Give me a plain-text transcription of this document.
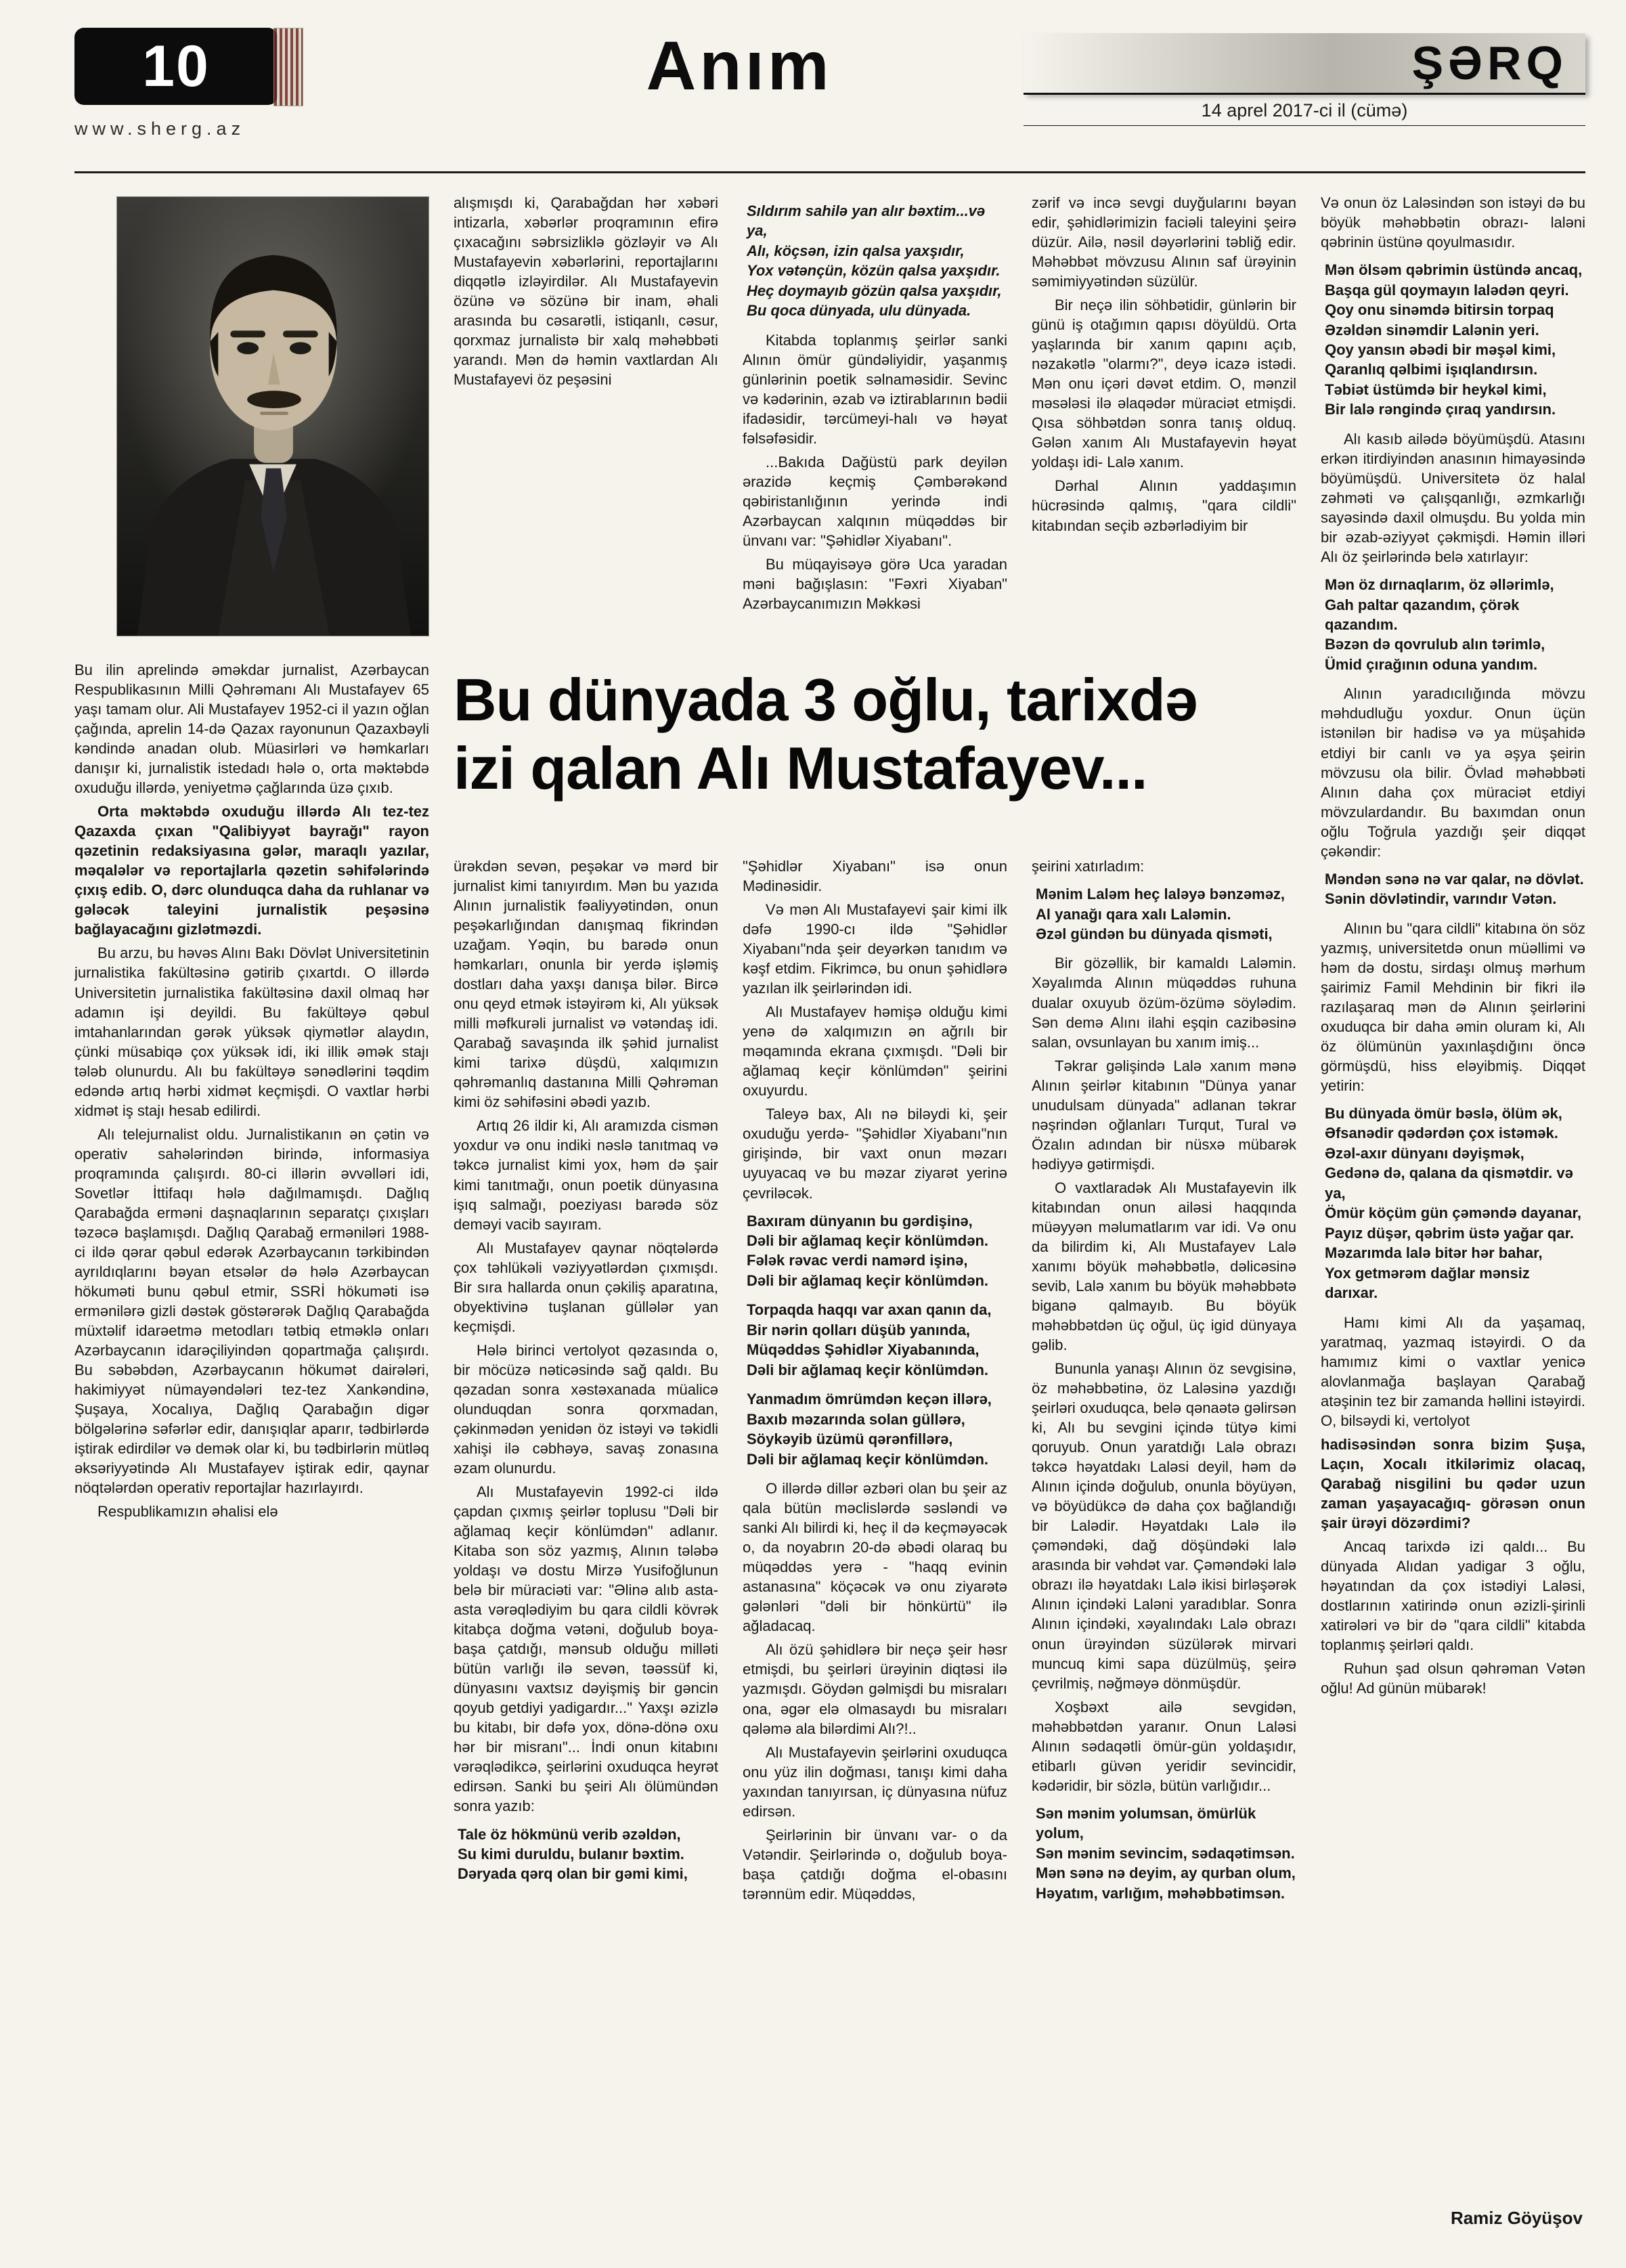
10
www.sherg.az
Anım	ŞƏRQ
14 aprel 2017-ci il (cümə)

alışmışdı ki, Qarabağdan hər xəbəri intizarla, xəbərlər proqramının efirə çıxacağını səbrsizliklə gözləyir və Alı Mustafayevin xəbərlərini, reportajlarını diqqətlə izləyirdilər. Alı Mustafayevin özünə və sözünə bir inam, əhali arasında bu cəsarətli, istiqanlı, cəsur, qorxmaz jurnalistə bir xalq məhəbbəti yarandı. Mən də həmin vaxtlardan Alı Mustafayevi öz peşəsini

Sıldırım sahilə yan alır bəxtim...və ya,
Alı, köçsən, izin qalsa yaxşıdır,
Yox vətənçün, közün qalsa yaxşıdır.
Heç doymayıb gözün qalsa yaxşıdır,
Bu qoca dünyada, ulu dünyada.

Kitabda toplanmış şeirlər sanki Alının ömür gündəliyidir, yaşanmış günlərinin poetik səlnaməsidir. Sevinc və kədərinin, əzab və iztirablarının bədii ifadəsidir, tərcümeyi-halı və həyat fəlsəfəsidir.

...Bakıda Dağüstü park deyilən ərazidə keçmiş Çəmbərəkənd qəbiristanlığının yerində indi Azərbaycan xalqının müqəddəs bir ünvanı var: "Şəhidlər Xiyabanı".

Bu müqayisəyə görə Uca yaradan məni bağışlasın: "Fəxri Xiyaban" Azərbaycanımızın Məkkəsi

zərif və incə sevgi duyğularını bəyan edir, şəhidlərimizin faciəli taleyini şeirə düzür. Ailə, nəsil dəyərlərini təbliğ edir. Məhəbbət mövzusu Alının saf ürəyinin səmimiyyətindən süzülür.

Bir neçə ilin söhbətidir, günlərin bir günü iş otağımın qapısı döyüldü. Orta yaşlarında bir xanım qapını açıb, nəzakətlə "olarmı?", deyə icazə istədi. Mən onu içəri dəvət etdim. O, mənzil məsələsi ilə əlaqədər müraciət etmişdi. Qısa söhbətdən sonra tanış olduq. Gələn xanım Alı Mustafayevin həyat yoldaşı idi- Lalə xanım.

Dərhal Alının yaddaşımın hücrəsində qalmış, "qara cildli" kitabından seçib əzbərlədiyim bir

Bu dünyada 3 oğlu, tarixdə
izi qalan Alı Mustafayev...

Bu ilin aprelində əməkdar jurnalist, Azərbaycan Respublikasının Milli Qəhrəmanı Alı Mustafayev 65 yaşı tamam olur. Ali Mustafayev 1952-ci il yazın oğlan çağında, aprelin 14-də Qazax rayonunun Qazaxbəyli kəndində anadan olub. Müasirləri və həmkarları danışır ki, jurnalistik istedadı hələ o, orta məktəbdə oxuduğu illərdə, yeniyetmə çağlarında üzə çıxıb.

Orta məktəbdə oxuduğu illərdə Alı tez-tez Qazaxda çıxan "Qalibiyyət bayrağı" rayon qəzetinin redaksiyasına gələr, maraqlı yazılar, məqalələr və reportajlarla qəzetin səhifələrində çıxış edib. O, dərc olunduqca daha da ruhlanar və gələcək taleyini jurnalistik peşəsinə bağlayacağını gizlətməzdi.

Bu arzu, bu həvəs Alını Bakı Dövlət Universitetinin jurnalistika fakültəsinə gətirib çıxartdı. O illərdə Universitetin jurnalistika fakültəsinə daxil olmaq hər adamın işi deyildi. Bu fakültəyə qəbul imtahanlarından gərək yüksək qiymətlər alaydın, çünki müsabiqə çox yüksək idi, iki illik əmək stajı tələb olunurdu. Alı bu fakültəyə sənədlərini təqdim edəndə artıq hərbi xidmət keçmişdi. O vaxtlar hərbi xidmət iş stajı hesab edilirdi.

Alı telejurnalist oldu. Jurnalistikanın ən çətin və operativ sahələrindən birində, informasiya proqramında çalışırdı. 80-ci illərin əvvəlləri idi, Sovetlər İttifaqı hələ dağılmamışdı. Dağlıq Qarabağda erməni daşnaqlarının separatçı çıxışları təzəcə başlamışdı. Dağlıq Qarabağ erməniləri 1988-ci ildə qərar qəbul edərək Azərbaycanın tərkibindən ayrıldıqlarını bəyan etsələr də hələ Azərbaycan hökuməti bunu qəbul etmir, SSRİ hökuməti isə ermənilərə gizli dəstək göstərərək Dağlıq Qarabağda müxtəlif idarəetmə metodları tətbiq etməklə onları Azərbaycanın idarəçiliyindən qopartmağa çalışırdı. Bu səbəbdən, Azərbaycanın hökumət dairələri, hakimiyyət nümayəndələri tez-tez Xankəndinə, Şuşaya, Xocalıya, Dağlıq Qarabağın digər bölgələrinə səfərlər edir, danışıqlar aparır, tədbirlərdə iştirak edirdilər və demək olar ki, bu tədbirlərin mütləq əksəriyyətində Alı Mustafayev iştirak edir, qaynar nöqtələrdən operativ reportajlar hazırlayırdı.

Respublikamızın əhalisi elə

ürəkdən sevən, peşəkar və mərd bir jurnalist kimi tanıyırdım. Mən bu yazıda Alının jurnalistik fəaliyyətindən, onun peşəkarlığından danışmaq fikrindən uzağam. Yəqin, bu barədə onun həmkarları, onunla bir yerdə işləmiş dostları daha yaxşı danışa bilər. Bircə onu qeyd etmək istəyirəm ki, Alı yüksək milli məfkurəli jurnalist və vətəndaş idi. Qarabağ savaşında ilk şəhid jurnalist kimi tarixə düşdü, xalqımızın qəhrəmanlıq dastanına Milli Qəhrəman kimi öz səhifəsini əbədi yazıb.

Artıq 26 ildir ki, Alı aramızda cismən yoxdur və onu indiki nəslə tanıtmaq və təkcə jurnalist kimi yox, həm də şair kimi tanıtmağı, onun poetik dünyasına işıq salmağı, poeziyası barədə söz deməyi vacib sayıram.

Alı Mustafayev qaynar nöqtələrdə çox təhlükəli vəziyyətlərdən çıxmışdı. Bir sıra hallarda onun çəkiliş aparatına, obyektivinə tuşlanan güllələr yan keçmişdi.

Hələ birinci vertolyot qəzasında o, bir möcüzə nəticəsində sağ qaldı. Bu qəzadan sonra xəstəxanada müalicə olunduqdan sonra qorxmadan, çəkinmədən yenidən öz istəyi və təkidli xahişi ilə cəbhəyə, savaş zonasına əzam olunurdu.

Alı Mustafayevin 1992-ci ildə çapdan çıxmış şeirlər toplusu "Dəli bir ağlamaq keçir könlümdən" adlanır. Kitaba son söz yazmış, Alının tələbə yoldaşı və dostu Mirzə Yusifoğlunun belə bir müraciəti var: "Əlinə alıb asta-asta vərəqlədiyim bu qara cildli kövrək kitabça doğma vətəni, doğulub boya-başa çatdığı, mənsub olduğu milləti bütün varlığı ilə sevən, təəssüf ki, dünyasını vaxtsız dəyişmiş bir gəncin qoyub getdiyi yadigardır..." Yaxşı əzizlə bu kitabı, bir dəfə yox, dönə-dönə oxu hər bir misranı"... İndi onun kitabını vərəqlədikcə, şeirlərini oxuduqca heyrət edirsən. Sanki bu şeiri Alı ölümündən sonra yazıb:

Tale öz hökmünü verib əzəldən,
Su kimi duruldu, bulanır bəxtim.
Dəryada qərq olan bir gəmi kimi,

"Şəhidlər Xiyabanı" isə onun Mədinəsidir.

Və mən Alı Mustafayevi şair kimi ilk dəfə 1990-cı ildə "Şəhidlər Xiyabanı"nda şeir deyərkən tanıdım və kəşf etdim. Fikrimcə, bu onun şəhidlərə yazılan ilk şeirlərindən idi.

Alı Mustafayev həmişə olduğu kimi yenə də xalqımızın ən ağrılı bir məqamında ekrana çıxmışdı. "Dəli bir ağlamaq keçir könlümdən" şeirini oxuyurdu.

Taleyə bax, Alı nə biləydi ki, şeir oxuduğu yerdə- "Şəhidlər Xiyabanı"nın girişində, bir vaxt onun məzarı uyuyacaq və bu məzar ziyarət yerinə çevriləcək.

Baxıram dünyanın bu gərdişinə,
Dəli bir ağlamaq keçir könlümdən.
Fələk rəvac verdi namərd işinə,
Dəli bir ağlamaq keçir könlümdən.

Torpaqda haqqı var axan qanın da,
Bir nərin qolları düşüb yanında,
Müqəddəs Şəhidlər Xiyabanında,
Dəli bir ağlamaq keçir könlümdən.

Yanmadım ömrümdən keçən illərə,
Baxıb məzarında solan güllərə,
Söykəyib üzümü qərənfillərə,
Dəli bir ağlamaq keçir könlümdən.

O illərdə dillər əzbəri olan bu şeir az qala bütün məclislərdə səsləndi və sanki Alı bilirdi ki, heç il də keçməyəcək o, da noyabrın 20-də əbədi olaraq bu müqəddəs yerə - "haqq evinin astanasına" köçəcək və onu ziyarətə gələnləri "dəli bir hönkürtü" ilə ağladacaq.

Alı özü şəhidlərə bir neçə şeir həsr etmişdi, bu şeirləri ürəyinin diqtəsi ilə yazmışdı. Göydən gəlmişdi bu misraları ona, əgər elə olmasaydı bu misraları qələmə ala bilərdimi Alı?!..

Alı Mustafayevin şeirlərini oxuduqca onu yüz ilin doğması, tanışı kimi daha yaxından tanıyırsan, iç dünyasına nüfuz edirsən.

Şeirlərinin bir ünvanı var- o da Vətəndir. Şeirlərində o, doğulub boya-başa çatdığı doğma el-obasını tərənnüm edir. Müqəddəs,

şeirini xatırladım:

Mənim Laləm heç laləyə bənzəməz,
Al yanağı qara xalı Laləmin.
Əzəl gündən bu dünyada qisməti,

Bir gözəllik, bir kamaldı Laləmin. Xəyalımda Alının müqəddəs ruhuna dualar oxuyub özüm-özümə söylədim. Sən demə Alını ilahi eşqin cazibəsinə salan, ovsunlayan bu xanım imiş...

Təkrar gəlişində Lalə xanım mənə Alının şeirlər kitabının "Dünya yanar unudulsam dünyada" adlanan təkrar nəşrindən oğlanları Turqut, Tural və Özalın adından bir nüsxə mübarək hədiyyə gətirmişdi.

O vaxtlaradək Alı Mustafayevin ilk kitabından onun ailəsi haqqında müəyyən məlumatlarım var idi. Və onu da bilirdim ki, Alı Mustafayev Lalə xanımı böyük məhəbbətlə, dəlicəsinə sevib, Lalə xanım bu böyük məhəbbətə biganə qalmayıb. Bu böyük məhəbbətdən üç oğul, üç igid dünyaya gəlib.

Bununla yanaşı Alının öz sevgisinə, öz məhəbbətinə, öz Laləsinə yazdığı şeirləri oxuduqca, belə qənaətə gəlirsən ki, Alı bu sevgini içində tütyə kimi qoruyub. Onun yaratdığı Lalə obrazı təkcə həyatdakı Laləsi deyil, həm də Alının içində doğulub, onunla böyüyən, və böyüdükcə də daha çox bağlandığı bir Lalədir. Həyatdakı Lalə ilə çəməndəki, dağ döşündəki lalə arasında bir vəhdət var. Çəməndəki lalə obrazı ilə həyatdakı Lalə ikisi birləşərək Alının içindəki Laləni yaradıblar. Sonra Alının içindəki, xəyalındakı Lalə obrazı onun ürəyindən süzülərək mirvari muncuq kimi sapa düzülmüş, şeirə çevrilmiş, nəğməyə dönmüşdür.

Xoşbəxt ailə sevgidən, məhəbbətdən yaranır. Onun Laləsi Alının sədaqətli ömür-gün yoldaşıdır, etibarlı güvən yeridir sevincidir, kədəridir, bir sözlə, bütün varlığıdır...

Sən mənim yolumsan, ömürlük yolum,
Sən mənim sevincim, sədaqətimsən.
Mən sənə nə deyim, ay qurban olum,
Həyatım, varlığım, məhəbbətimsən.

Və onun öz Laləsindən son istəyi də bu böyük məhəbbətin obrazı- laləni qəbrinin üstünə qoyulmasıdır.

Mən ölsəm qəbrimin üstündə ancaq,
Başqa gül qoymayın lalədən qeyri.
Qoy onu sinəmdə bitirsin torpaq
Əzəldən sinəmdir Lalənin yeri.
Qoy yansın əbədi bir məşəl kimi,
Qaranlıq qəlbimi işıqlandırsın.
Təbiət üstümdə bir heykəl kimi,
Bir lalə rəngində çıraq yandırsın.

Alı kasıb ailədə böyümüşdü. Atasını erkən itirdiyindən anasının himayəsində böyümüşdü. Universitetə öz halal zəhməti və çalışqanlığı, əzmkarlığı sayəsində daxil olmuşdu. Bu yolda min bir əzab-əziyyət çəkmişdi. Həmin illəri Alı öz şeirlərində belə xatırlayır:

Mən öz dırnaqlarım, öz əllərimlə,
Gah paltar qazandım, çörək qazandım.
Bəzən də qovrulub alın tərimlə,
Ümid çırağının oduna yandım.

Alının yaradıcılığında mövzu məhdudluğu yoxdur. Onun üçün istənilən bir hadisə və ya müşahidə etdiyi bir canlı və ya əşya şeirin mövzusu ola bilir. Övlad məhəbbəti Alının daha çox müraciət etdiyi mövzulardandır. Bu baxımdan onun oğlu Toğrula yazdığı şeir diqqət çəkəndir:

Məndən sənə nə var qalar, nə dövlət.
Sənin dövlətindir, varındır Vətən.

Alının bu "qara cildli" kitabına ön söz yazmış, universitetdə onun müəllimi və həm də dostu, sirdaşı olmuş mərhum şairimiz Famil Mehdinin bir fikri ilə razılaşaraq mən də Alının şeirlərini oxuduqca bir daha əmin oluram ki, Alı öz ölümünün yaxınlaşdığını öncə görmüşdü, hiss eləyibmiş. Diqqət yetirin:

Bu dünyada ömür bəslə, ölüm ək,
Əfsanədir qədərdən çox istəmək.
Əzəl-axır dünyanı dəyişmək,
Gedənə də, qalana da qismətdir. və ya,
Ömür köçüm gün çəməndə dayanar,
Payız düşər, qəbrim üstə yağar qar.
Məzarımda lalə bitər hər bahar,
Yox getmərəm dağlar mənsiz darıxar.

Hamı kimi Alı da yaşamaq, yaratmaq, yazmaq istəyirdi. O da hamımız kimi o vaxtlar yenicə alovlanmağa başlayan Qarabağ atəşinin tez bir zamanda həllini istəyirdi. O, bilsəydi ki, vertolyot

hadisəsindən sonra bizim Şuşa, Laçın, Xocalı itkilərimiz olacaq, Qarabağ nisgilini bu qədər uzun zaman yaşayacağıq- görəsən onun şair ürəyi dözərdimi?

Ancaq tarixdə izi qaldı... Bu dünyada Alıdan yadigar 3 oğlu, həyatından da çox istədiyi Laləsi, dostlarının xatirində onun əzizli-şirinli xatirələri və bir də "qara cildli" kitabda toplanmış şeirləri qaldı.

Ruhun şad olsun qəhrəman Vətən oğlu! Ad günün mübarək!

Ramiz Göyüşov
